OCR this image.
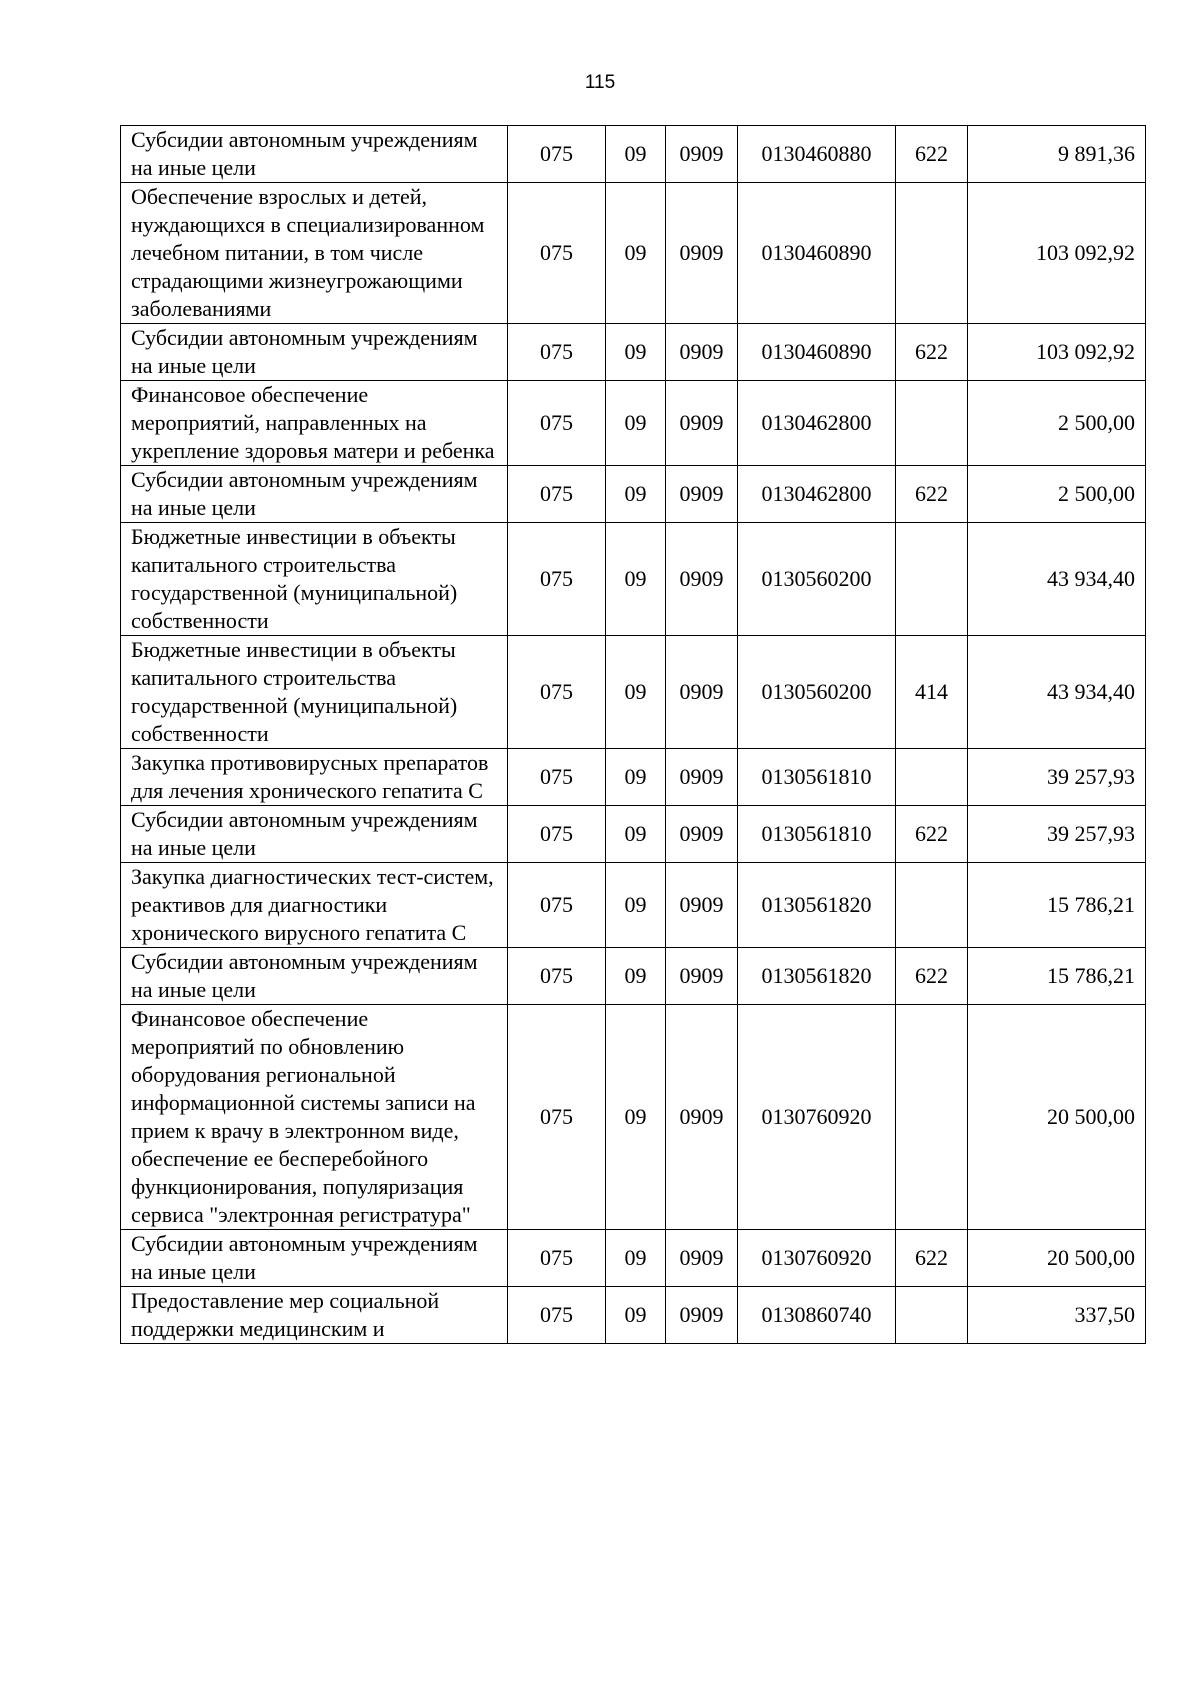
115
Субсидии автономным учреждениям на иные цели	075	09	0909	0130460880	622	9 891,36
Обеспечение взрослых и детей, нуждающихся в специализированном лечебном питании, в том числе страдающими жизнеугрожающими заболеваниями	075	09	0909	0130460890		103 092,92
Субсидии автономным учреждениям на иные цели	075	09	0909	0130460890	622	103 092,92
Финансовое обеспечение мероприятий, направленных на укрепление здоровья матери и ребенка	075	09	0909	0130462800		2 500,00
Субсидии автономным учреждениям на иные цели	075	09	0909	0130462800	622	2 500,00
Бюджетные инвестиции в объекты капитального строительства государственной (муниципальной) собственности	075	09	0909	0130560200		43 934,40
Бюджетные инвестиции в объекты капитального строительства государственной (муниципальной) собственности	075	09	0909	0130560200	414	43 934,40
Закупка противовирусных препаратов для лечения хронического гепатита С	075	09	0909	0130561810		39 257,93
Субсидии автономным учреждениям на иные цели	075	09	0909	0130561810	622	39 257,93
Закупка диагностических тест-систем, реактивов для диагностики хронического вирусного гепатита С	075	09	0909	0130561820		15 786,21
Субсидии автономным учреждениям на иные цели	075	09	0909	0130561820	622	15 786,21
Финансовое обеспечение мероприятий по обновлению оборудования региональной информационной системы записи на прием к врачу в электронном виде, обеспечение ее бесперебойного функционирования, популяризация сервиса "электронная регистратура"	075	09	0909	0130760920		20 500,00
Субсидии автономным учреждениям на иные цели	075	09	0909	0130760920	622	20 500,00
Предоставление мер социальной поддержки медицинским и	075	09	0909	0130860740		337,50
